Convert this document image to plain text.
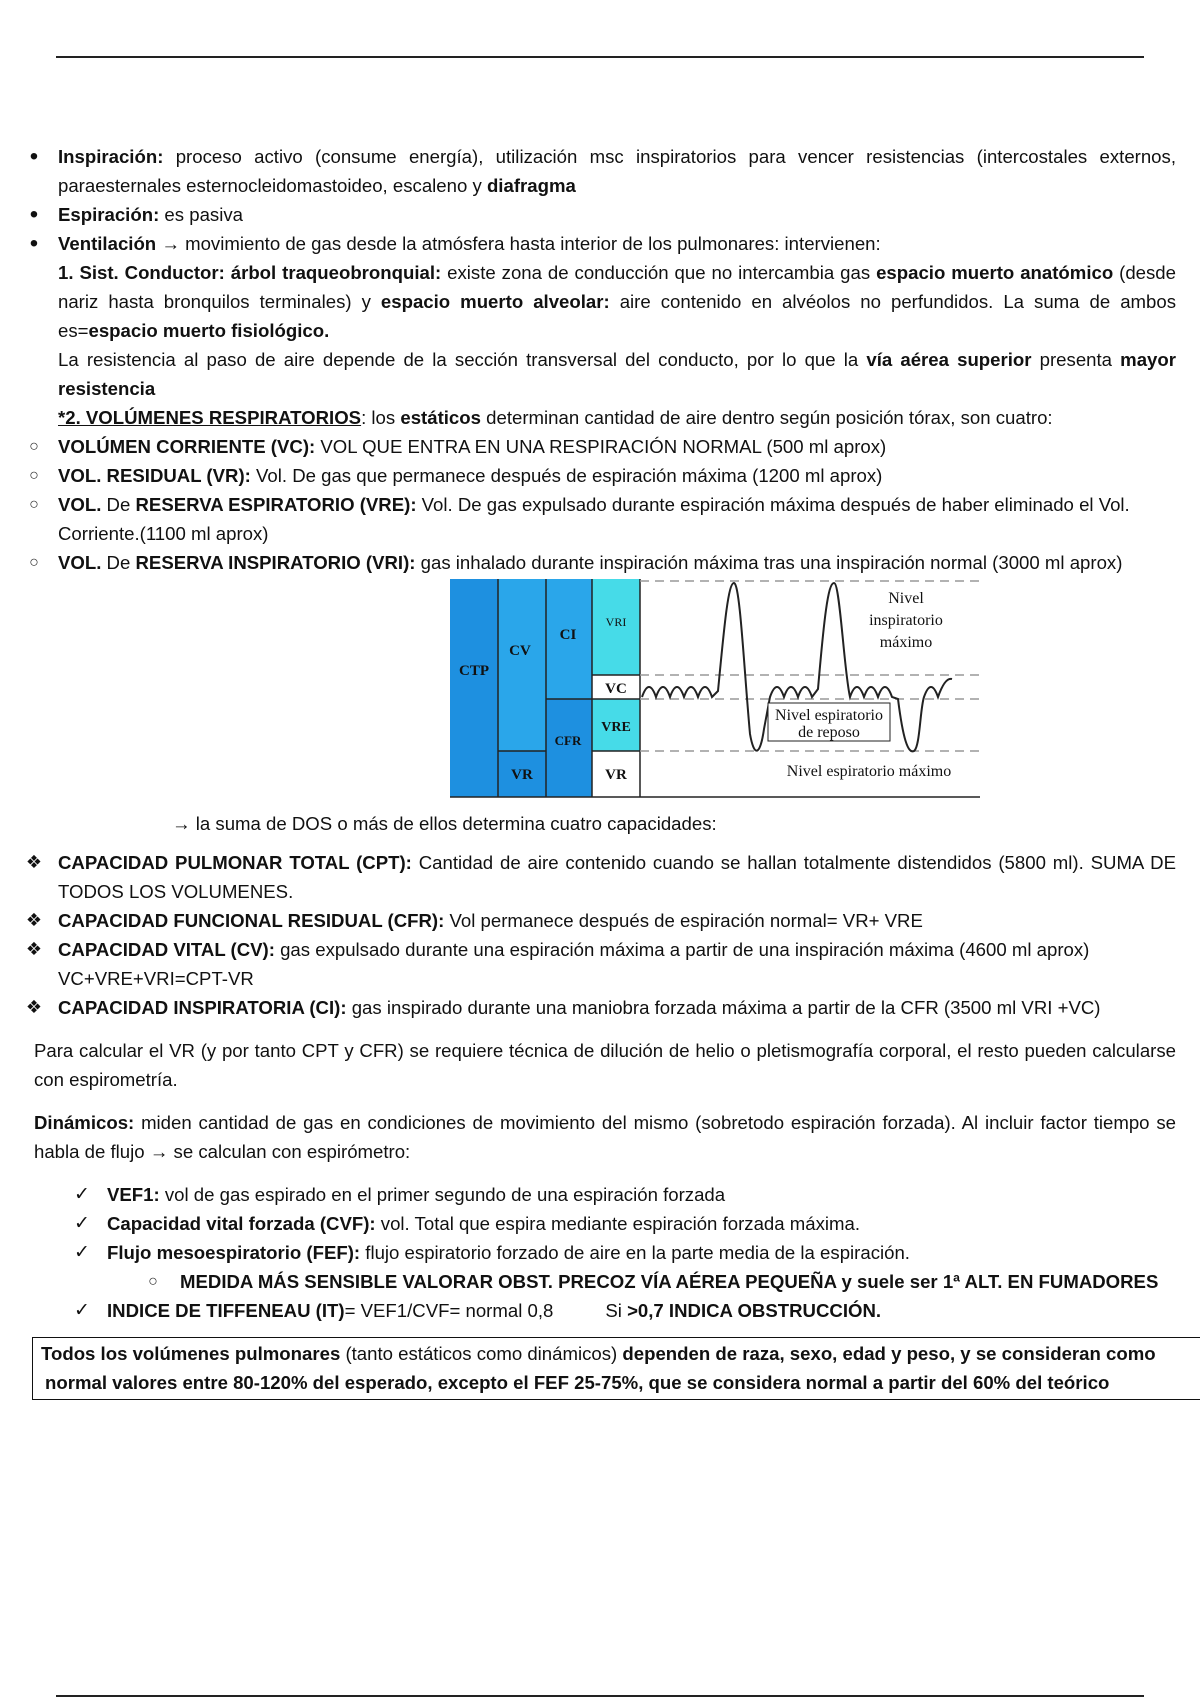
•	Inspiración: proceso activo (consume energía), utilización msc inspiratorios para vencer resistencias (intercostales externos, paraesternales esternocleidomastoideo, escaleno y diafragma
•	Espiración: es pasiva
•	Ventilación → movimiento de gas desde la atmósfera hasta interior de los pulmonares: intervienen:
1. Sist. Conductor: árbol traqueobronquial: existe zona de conducción que no intercambia gas espacio muerto anatómico (desde nariz hasta bronquilos terminales) y espacio muerto alveolar: aire contenido en alvéolos no perfundidos. La suma de ambos es=espacio muerto fisiológico.
La resistencia al paso de aire depende de la sección transversal del conducto, por lo que la vía aérea superior presenta mayor resistencia
*2. VOLÚMENES RESPIRATORIOS: los estáticos determinan cantidad de aire dentro según posición tórax, son cuatro:
○ VOLÚMEN CORRIENTE (VC): VOL QUE ENTRA EN UNA RESPIRACIÓN NORMAL (500 ml aprox)
○ VOL. RESIDUAL (VR): Vol. De gas que permanece después de espiración máxima (1200 ml aprox)
○ VOL. De RESERVA ESPIRATORIO (VRE): Vol. De gas expulsado durante espiración máxima después de haber eliminado el Vol. Corriente.(1100 ml aprox)
○ VOL. De RESERVA INSPIRATORIO (VRI): gas inhalado durante inspiración máxima tras una inspiración normal (3000 ml aprox)
CTP
CV
CI
CFR
VRI
VC
VRE
VR	VR
Nivel
inspiratorio
máximo
Nivel espiratorio
de reposo
Nivel espiratorio máximo
→ la suma de DOS o más de ellos determina cuatro capacidades:
❖ CAPACIDAD PULMONAR TOTAL (CPT): Cantidad de aire contenido cuando se hallan totalmente distendidos (5800 ml). SUMA DE TODOS LOS VOLUMENES.
❖ CAPACIDAD FUNCIONAL RESIDUAL (CFR): Vol permanece después de espiración normal= VR+ VRE
❖ CAPACIDAD VITAL (CV): gas expulsado durante una espiración máxima a partir de una inspiración máxima (4600 ml aprox) VC+VRE+VRI=CPT-VR
❖ CAPACIDAD INSPIRATORIA (CI): gas inspirado durante una maniobra forzada máxima a partir de la CFR (3500 ml VRI +VC)
Para calcular el VR (y por tanto CPT y CFR) se requiere técnica de dilución de helio o pletismografía corporal, el resto pueden calcularse con espirometría.
Dinámicos: miden cantidad de gas en condiciones de movimiento del mismo (sobretodo espiración forzada). Al incluir factor tiempo se habla de flujo → se calculan con espirómetro:
✓ VEF1: vol de gas espirado en el primer segundo de una espiración forzada
✓ Capacidad vital forzada (CVF): vol. Total que espira mediante espiración forzada máxima.
✓ Flujo mesoespiratorio (FEF): flujo espiratorio forzado de aire en la parte media de la espiración.
○ MEDIDA MÁS SENSIBLE VALORAR OBST. PRECOZ VÍA AÉREA PEQUEÑA y suele ser 1ª ALT. EN FUMADORES
✓ INDICE DE TIFFENEAU (IT)= VEF1/CVF= normal 0,8	Si >0,7 INDICA OBSTRUCCIÓN.
Todos los volúmenes pulmonares (tanto estáticos como dinámicos) dependen de raza, sexo, edad y peso, y se consideran como
normal valores entre 80-120% del esperado, excepto el FEF 25-75%, que se considera normal a partir del 60% del teórico
